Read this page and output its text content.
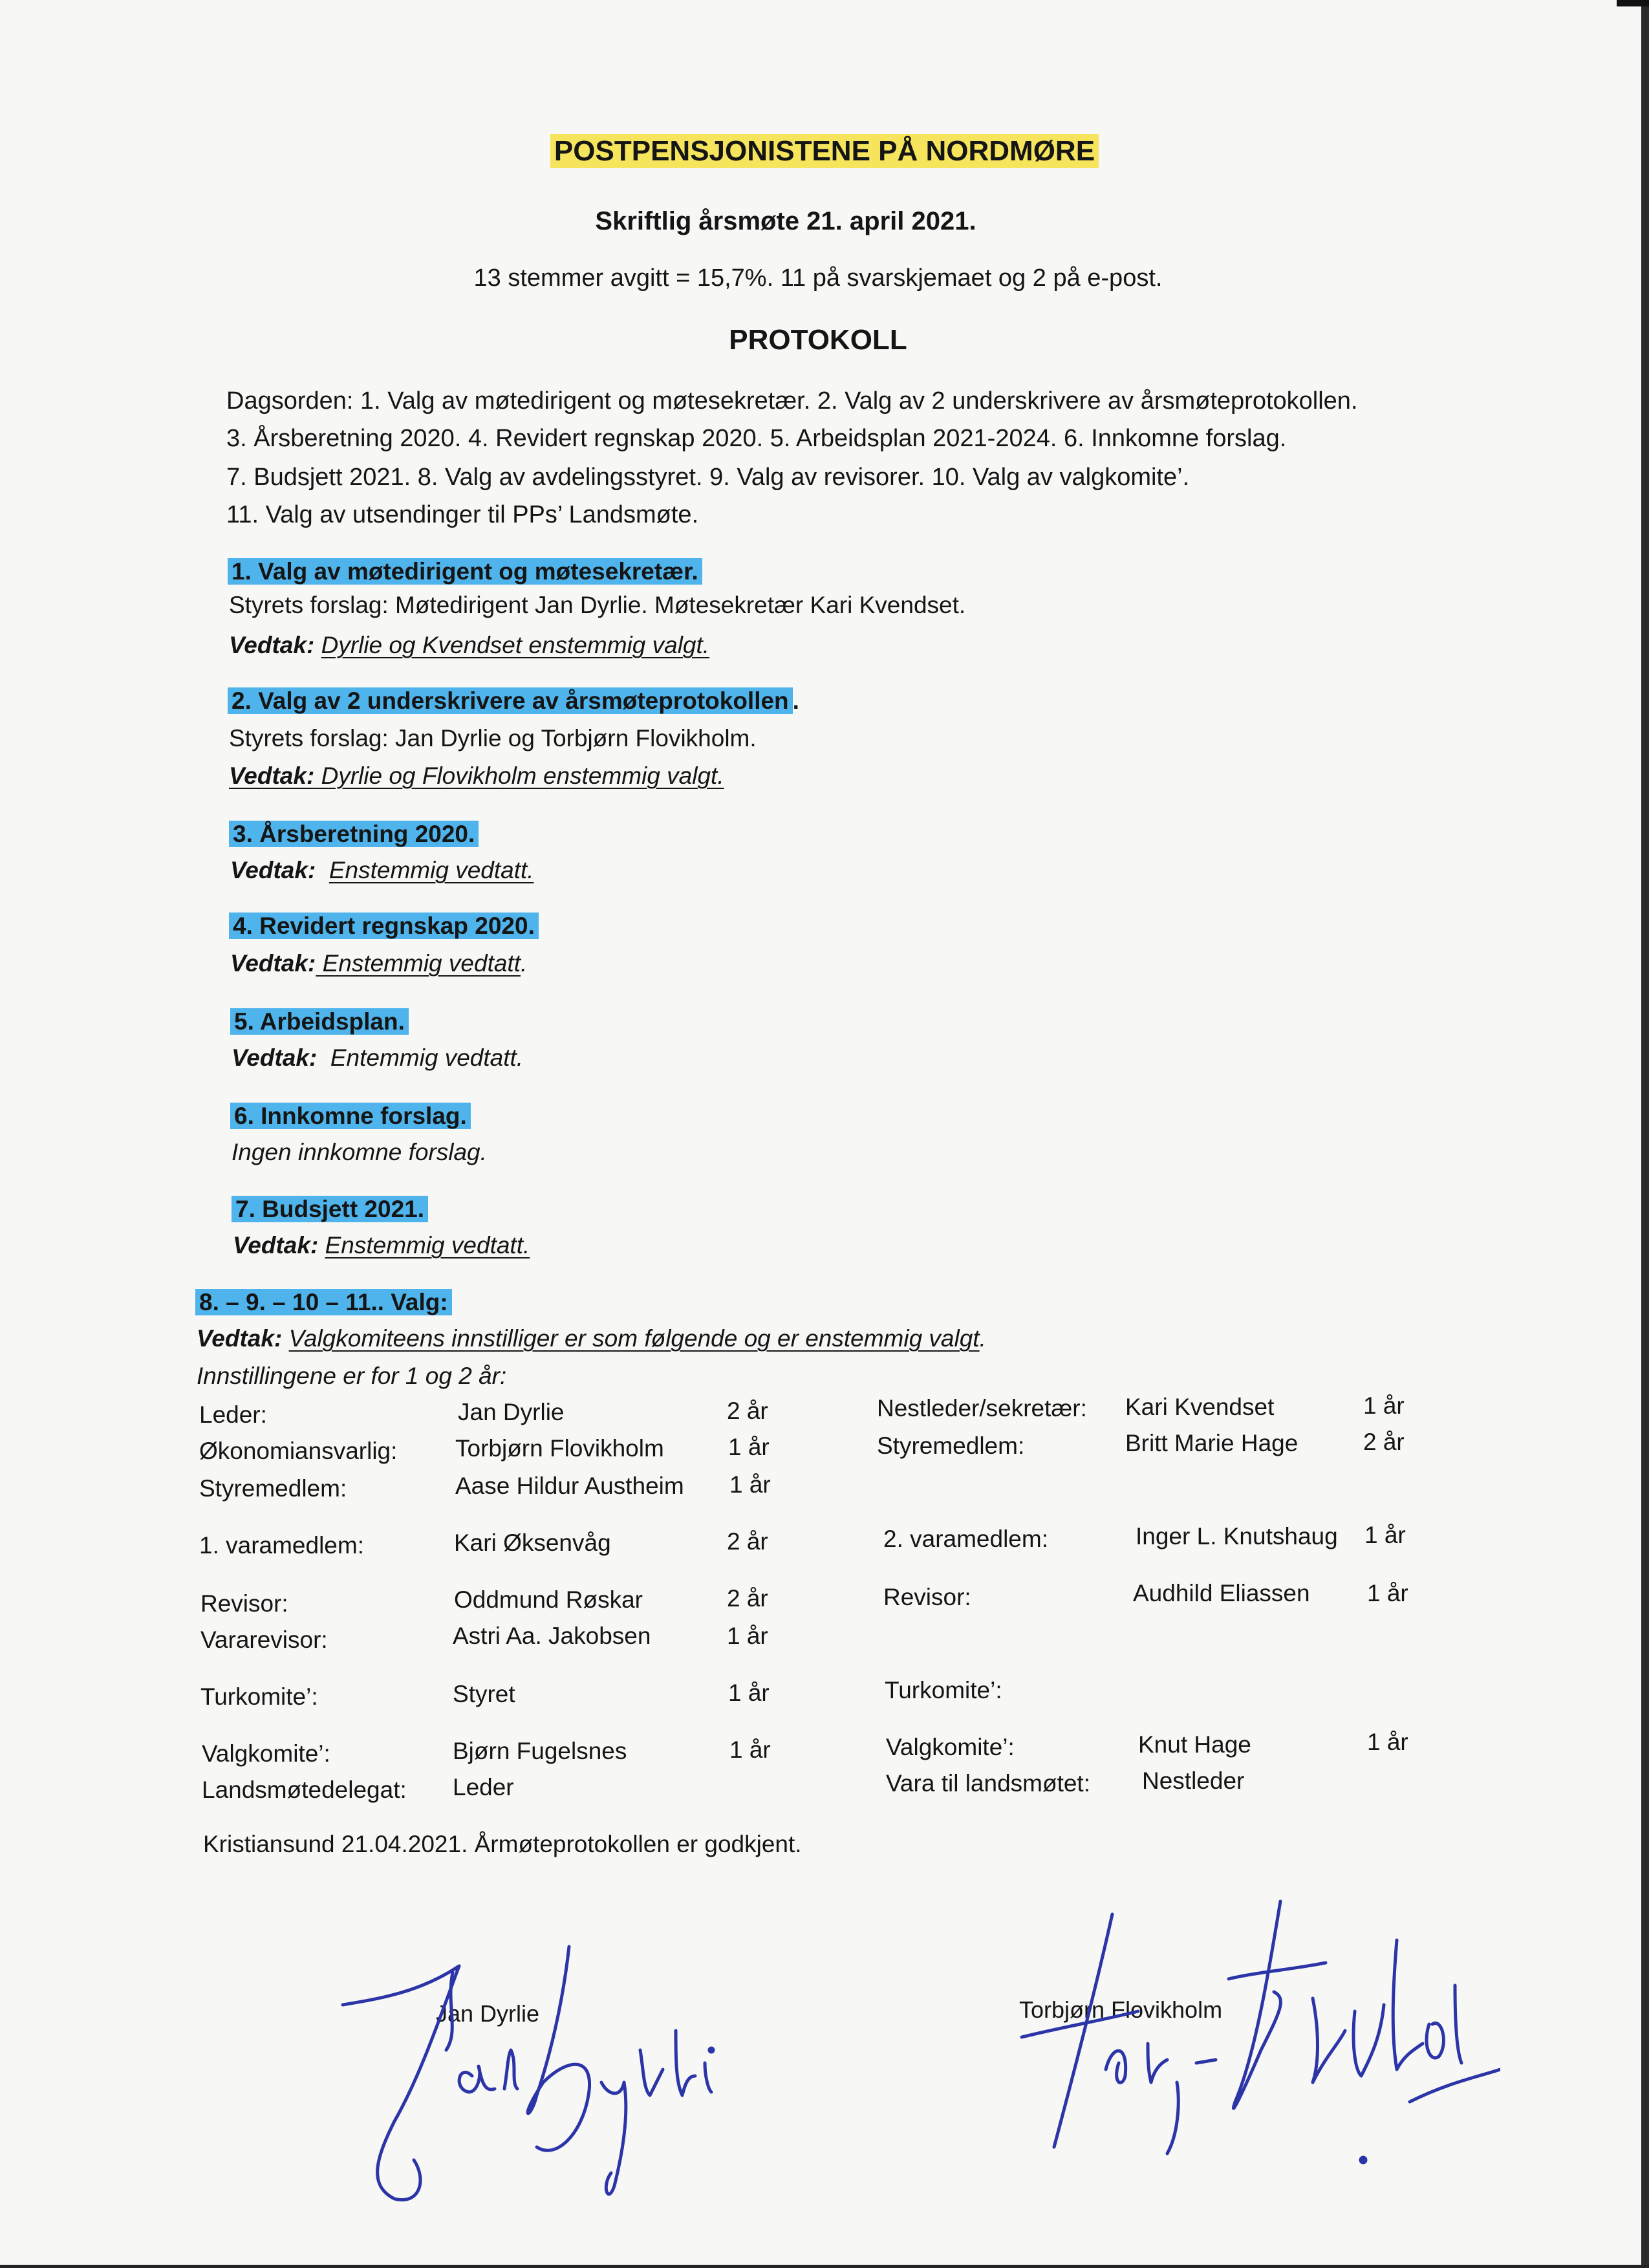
POSTPENSJONISTENE PÅ NORDMØRE
Skriftlig årsmøte 21. april 2021.
13 stemmer avgitt = 15,7%. 11 på svarskjemaet og 2 på e-post.
PROTOKOLL
Dagsorden: 1. Valg av møtedirigent og møtesekretær. 2. Valg av 2 underskrivere av årsmøteprotokollen.
3. Årsberetning 2020. 4. Revidert regnskap 2020. 5. Arbeidsplan 2021-2024. 6. Innkomne forslag.
7. Budsjett 2021. 8. Valg av avdelingsstyret. 9. Valg av revisorer. 10. Valg av valgkomite’.
11. Valg av utsendinger til PPs’ Landsmøte.
1. Valg av møtedirigent og møtesekretær.
Styrets forslag: Møtedirigent Jan Dyrlie. Møtesekretær Kari Kvendset.
Vedtak: Dyrlie og Kvendset enstemmig valgt.
2. Valg av 2 underskrivere av årsmøteprotokollen .
Styrets forslag: Jan Dyrlie og Torbjørn Flovikholm.
Vedtak: Dyrlie og Flovikholm enstemmig valgt.
3. Årsberetning 2020.
Vedtak: Enstemmig vedtatt.
4. Revidert regnskap 2020.
Vedtak: Enstemmig vedtatt.
5. Arbeidsplan.
Vedtak: Entemmig vedtatt.
6. Innkomne forslag.
Ingen innkomne forslag.
7. Budsjett 2021.
Vedtak: Enstemmig vedtatt.
8. – 9. – 10 – 11.. Valg:
Vedtak: Valgkomiteens innstilliger er som følgende og er enstemmig valgt.
Innstillingene er for 1 og 2 år:
Leder:	Jan Dyrlie	2 år
Økonomiansvarlig: Torbjørn Flovikholm	1 år
Styremedlem:	Aase Hildur Austheim 1 år
1. varamedlem:	Kari Øksenvåg	2 år
Revisor:	Oddmund Røskar	2 år
Vararevisor:	Astri Aa. Jakobsen	1 år
Turkomite’:	Styret	1 år
Valgkomite’:	Bjørn Fugelsnes	1 år
Landsmøtedelegat: Leder
Nestleder/sekretær: Kari Kvendset	1 år
Styremedlem:	Britt Marie Hage	2 år
2. varamedlem:	Inger L. Knutshaug 1 år
Revisor:	Audhild Eliassen 1 år
Turkomite’:
Valgkomite’:	Knut Hage	1 år
Vara til landsmøtet: Nestleder
Kristiansund 21.04.2021. Årmøteprotokollen er godkjent.
Jan Dyrlie	Torbjørn Flovikholm
